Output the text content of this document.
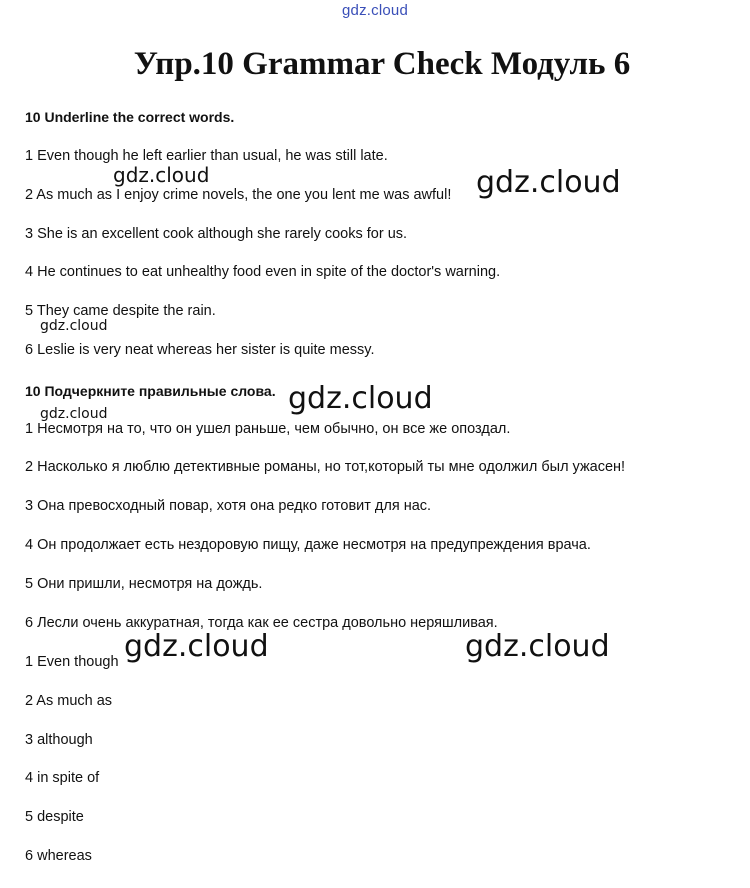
gdz.cloud
Упр.10 Grammar Check Модуль 6
10 Underline the correct words.
1 Even though he left earlier than usual, he was still late.
2 As much as I enjoy crime novels, the one you lent me was awful!
3 She is an excellent cook although she rarely cooks for us.
4 He continues to eat unhealthy food even in spite of the doctor's warning.
5 They came despite the rain.
6 Leslie is very neat whereas her sister is quite messy.
10 Подчеркните правильные слова.
1 Несмотря на то, что он ушел раньше, чем обычно, он все же опоздал.
2 Насколько я люблю детективные романы, но тот,который ты мне одолжил был ужасен!
3 Она превосходный повар, хотя она редко готовит для нас.
4 Он продолжает есть нездоровую пищу, даже несмотря на предупреждения врача.
5 Они пришли, несмотря на дождь.
6 Лесли очень аккуратная, тогда как ее сестра довольно неряшливая.
1 Even though
2 As much as
3 although
4 in spite of
5 despite
6 whereas
gdz.cloud	gdz.cloud
gdz.cloud
gdz.cloud
gdz.cloud
gdz.cloud	gdz.cloud
